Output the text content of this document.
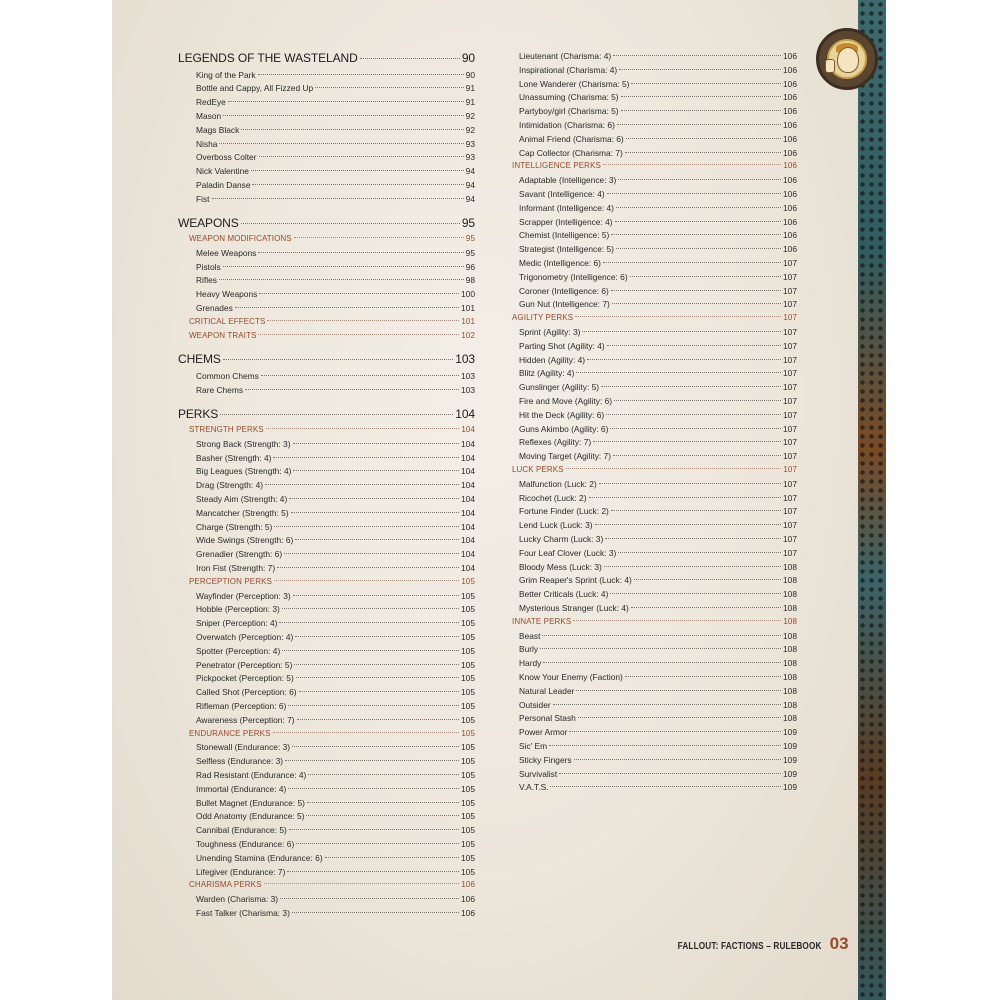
LEGENDS OF THE WASTELAND	90
King of the Park	90
Bottle and Cappy, All Fizzed Up	91
RedEye	91
Mason	92
Mags Black	92
Nisha	93
Overboss Colter	93
Nick Valentine	94
Paladin Danse	94
Fist	94
WEAPONS	95
WEAPON MODIFICATIONS	95
Melee Weapons	95
Pistols	96
Rifles	98
Heavy Weapons	100
Grenades	101
CRITICAL EFFECTS	101
WEAPON TRAITS	102
CHEMS	103
Common Chems	103
Rare Chems	103
PERKS	104
STRENGTH PERKS	104
Strong Back (Strength: 3)	104
Basher (Strength: 4)	104
Big Leagues (Strength: 4)	104
Drag (Strength: 4)	104
Steady Aim (Strength: 4)	104
Mancatcher (Strength: 5)	104
Charge (Strength: 5)	104
Wide Swings (Strength: 6)	104
Grenadier (Strength: 6)	104
Iron Fist (Strength: 7)	104
PERCEPTION PERKS	105
Wayfinder (Perception: 3)	105
Hobble (Perception: 3)	105
Sniper (Perception: 4)	105
Overwatch (Perception: 4)	105
Spotter (Perception: 4)	105
Penetrator (Perception: 5)	105
Pickpocket (Perception: 5)	105
Called Shot (Perception: 6)	105
Rifleman (Perception: 6)	105
Awareness (Perception: 7)	105
ENDURANCE PERKS	105
Stonewall (Endurance: 3)	105
Selfless (Endurance: 3)	105
Rad Resistant (Endurance: 4)	105
Immortal (Endurance: 4)	105
Bullet Magnet (Endurance: 5)	105
Odd Anatomy (Endurance: 5)	105
Cannibal (Endurance: 5)	105
Toughness (Endurance: 6)	105
Unending Stamina (Endurance: 6)	105
Lifegiver (Endurance: 7)	105
CHARISMA PERKS	106
Warden (Charisma: 3)	106
Fast Talker (Charisma: 3)	106
Lieutenant (Charisma: 4)	106
Inspirational (Charisma: 4)	106
Lone Wanderer (Charisma: 5)	106
Unassuming (Charisma: 5)	106
Partyboy/girl (Charisma: 5)	106
Intimidation (Charisma: 6)	106
Animal Friend (Charisma: 6)	106
Cap Collector (Charisma: 7)	106
INTELLIGENCE PERKS	106
Adaptable (Intelligence: 3)	106
Savant (Intelligence: 4)	106
Informant (Intelligence: 4)	106
Scrapper (Intelligence: 4)	106
Chemist (Intelligence: 5)	106
Strategist (Intelligence: 5)	106
Medic (Intelligence: 6)	107
Trigonometry (Intelligence: 6)	107
Coroner (Intelligence: 6)	107
Gun Nut (Intelligence: 7)	107
AGILITY PERKS	107
Sprint (Agility: 3)	107
Parting Shot (Agility: 4)	107
Hidden (Agility: 4)	107
Blitz (Agility: 4)	107
Gunslinger (Agility: 5)	107
Fire and Move (Agility: 6)	107
Hit the Deck (Agility: 6)	107
Guns Akimbo (Agility: 6)	107
Reflexes (Agility: 7)	107
Moving Target (Agility: 7)	107
LUCK PERKS	107
Malfunction (Luck: 2)	107
Ricochet (Luck: 2)	107
Fortune Finder (Luck: 2)	107
Lend Luck (Luck: 3)	107
Lucky Charm (Luck: 3)	107
Four Leaf Clover (Luck: 3)	107
Bloody Mess (Luck: 3)	108
Grim Reaper's Sprint (Luck: 4)	108
Better Criticals (Luck: 4)	108
Mysterious Stranger (Luck: 4)	108
INNATE PERKS	108
Beast	108
Burly	108
Hardy	108
Know Your Enemy (Faction)	108
Natural Leader	108
Outsider	108
Personal Stash	108
Power Armor	109
Sic' Em	109
Sticky Fingers	109
Survivalist	109
V.A.T.S.	109
FALLOUT: FACTIONS – RULEBOOK 03
